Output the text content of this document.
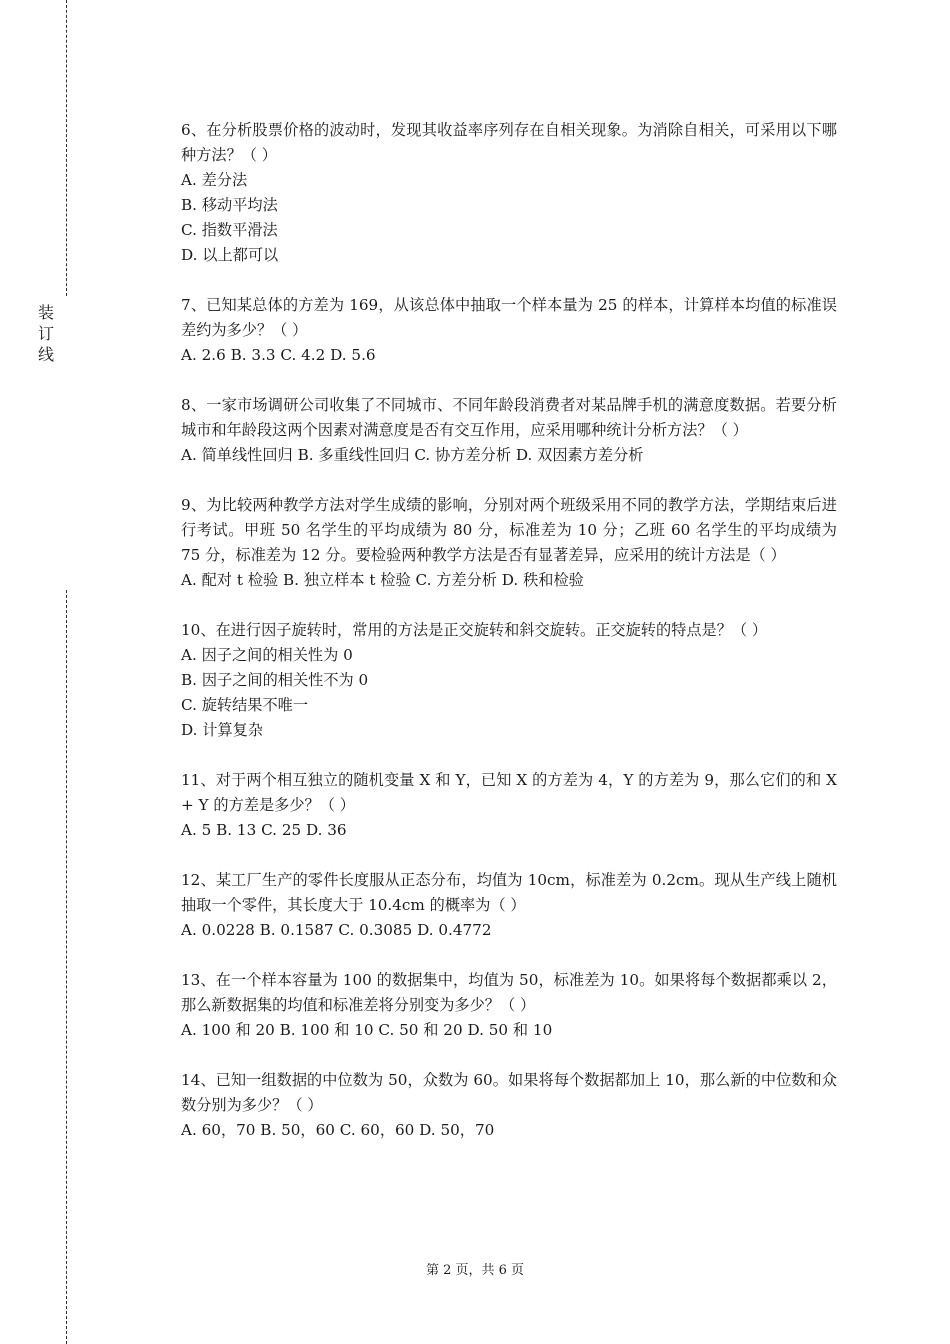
装订线
6、在分析股票价格的波动时，发现其收益率序列存在自相关现象。为消除自相关，可采用以下哪种方法？（ ）
A. 差分法
B. 移动平均法
C. 指数平滑法
D. 以上都可以
7、已知某总体的方差为 169，从该总体中抽取一个样本量为 25 的样本，计算样本均值的标准误差约为多少？（ ）
A. 2.6 B. 3.3 C. 4.2 D. 5.6
8、一家市场调研公司收集了不同城市、不同年龄段消费者对某品牌手机的满意度数据。若要分析城市和年龄段这两个因素对满意度是否有交互作用，应采用哪种统计分析方法？（ ）
A. 简单线性回归 B. 多重线性回归 C. 协方差分析 D. 双因素方差分析
9、为比较两种教学方法对学生成绩的影响，分别对两个班级采用不同的教学方法，学期结束后进行考试。甲班 50 名学生的平均成绩为 80 分，标准差为 10 分；乙班 60 名学生的平均成绩为 75 分，标准差为 12 分。要检验两种教学方法是否有显著差异，应采用的统计方法是（ ）
A. 配对 t 检验 B. 独立样本 t 检验 C. 方差分析 D. 秩和检验
10、在进行因子旋转时，常用的方法是正交旋转和斜交旋转。正交旋转的特点是？（ ）
A. 因子之间的相关性为 0
B. 因子之间的相关性不为 0
C. 旋转结果不唯一
D. 计算复杂
11、对于两个相互独立的随机变量 X 和 Y，已知 X 的方差为 4，Y 的方差为 9，那么它们的和 X + Y 的方差是多少？（ ）
A. 5 B. 13 C. 25 D. 36
12、某工厂生产的零件长度服从正态分布，均值为 10cm，标准差为 0.2cm。现从生产线上随机抽取一个零件，其长度大于 10.4cm 的概率为（ ）
A. 0.0228 B. 0.1587 C. 0.3085 D. 0.4772
13、在一个样本容量为 100 的数据集中，均值为 50，标准差为 10。如果将每个数据都乘以 2，那么新数据集的均值和标准差将分别变为多少？（ ）
A. 100 和 20 B. 100 和 10 C. 50 和 20 D. 50 和 10
14、已知一组数据的中位数为 50，众数为 60。如果将每个数据都加上 10，那么新的中位数和众数分别为多少？（ ）
A. 60，70 B. 50，60 C. 60，60 D. 50，70
第 2 页，共 6 页
